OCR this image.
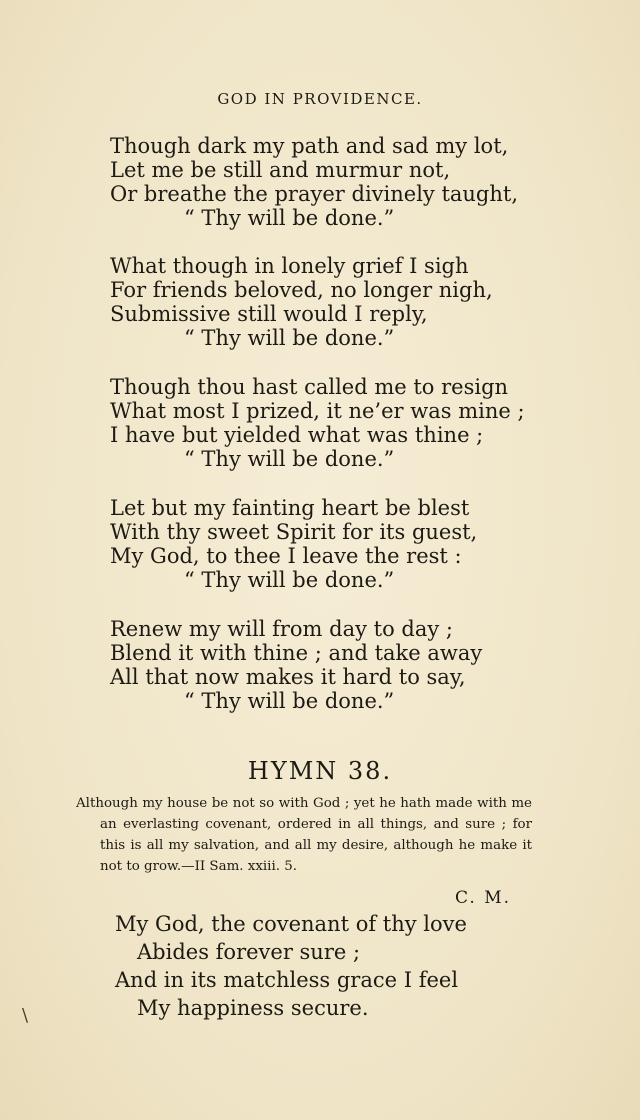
GOD IN PROVIDENCE.
Though dark my path and sad my lot,
Let me be still and murmur not,
Or breathe the prayer divinely taught,
“ Thy will be done.”
What though in lonely grief I sigh
For friends beloved, no longer nigh,
Submissive still would I reply,
“ Thy will be done.”
Though thou hast called me to resign
What most I prized, it ne’er was mine ;
I have but yielded what was thine ;
“ Thy will be done.”
Let but my fainting heart be blest
With thy sweet Spirit for its guest,
My God, to thee I leave the rest :
“ Thy will be done.”
Renew my will from day to day ;
Blend it with thine ; and take away
All that now makes it hard to say,
“ Thy will be done.”
HYMN 38.

Although my house be not so with God ; yet he hath made with me an everlasting covenant, ordered in all things, and sure ; for this is all my salvation, and all my desire, although he make it not to grow.—II Sam. xxiii. 5.

C. M.
My God, the covenant of thy love
Abides forever sure ;
And in its matchless grace I feel
My happiness secure.
\
